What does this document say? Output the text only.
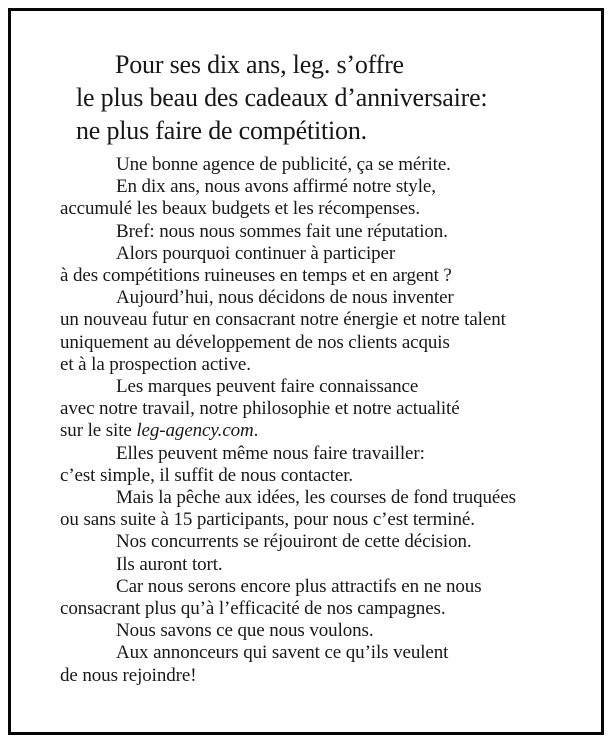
Pour ses dix ans, leg. s’offre
le plus beau des cadeaux d’anniversaire:
ne plus faire de compétition.
Une bonne agence de publicité, ça se mérite.
En dix ans, nous avons affirmé notre style,
accumulé les beaux budgets et les récompenses.
Bref: nous nous sommes fait une réputation.
Alors pourquoi continuer à participer
à des compétitions ruineuses en temps et en argent ?
Aujourd’hui, nous décidons de nous inventer
un nouveau futur en consacrant notre énergie et notre talent
uniquement au développement de nos clients acquis
et à la prospection active.
Les marques peuvent faire connaissance
avec notre travail, notre philosophie et notre actualité
sur le site leg-agency.com.
Elles peuvent même nous faire travailler:
c’est simple, il suffit de nous contacter.
Mais la pêche aux idées, les courses de fond truquées
ou sans suite à 15 participants, pour nous c’est terminé.
Nos concurrents se réjouiront de cette décision.
Ils auront tort.
Car nous serons encore plus attractifs en ne nous
consacrant plus qu’à l’efficacité de nos campagnes.
Nous savons ce que nous voulons.
Aux annonceurs qui savent ce qu’ils veulent
de nous rejoindre!
